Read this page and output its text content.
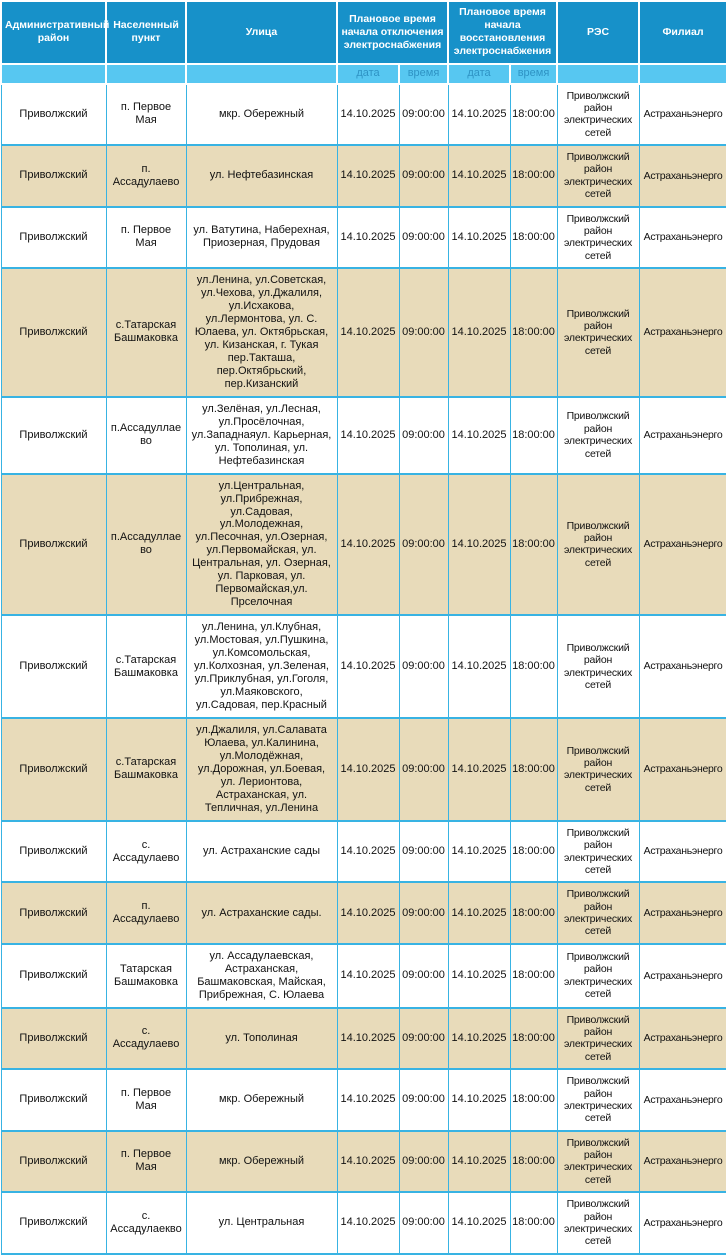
Административный район	Населенный пункт	Улица	Плановое время начала отключения электроснабжения		Плановое время начала восстановления электроснабжения		РЭС	Филиал
			дата	время	дата	время		
Приволжский	п. Первое Мая	мкр. Обережный	14.10.2025	09:00:00	14.10.2025	18:00:00	Приволжский район электрических сетей	Астраханьэнерго
Приволжский	п. Ассадулаево	ул. Нефтебазинская	14.10.2025	09:00:00	14.10.2025	18:00:00	Приволжский район электрических сетей	Астраханьэнерго
Приволжский	п. Первое Мая	ул. Ватутина, Наберехная, Приозерная, Прудовая	14.10.2025	09:00:00	14.10.2025	18:00:00	Приволжский район электрических сетей	Астраханьэнерго
Приволжский	с.Татарская Башмаковка	ул.Ленина, ул.Советская, ул.Чехова, ул.Джалиля, ул.Исхакова, ул.Лермонтова, ул. С. Юлаева, ул. Октябрьская, ул. Кизанская, г. Тукая пер.Такташа, пер.Октябрьский, пер.Кизанский	14.10.2025	09:00:00	14.10.2025	18:00:00	Приволжский район электрических сетей	Астраханьэнерго
Приволжский	п.Ассадуллаево	ул.Зелёная, ул.Лесная, ул.Просёлочная, ул.Западнаяул. Карьерная, ул. Тополиная, ул. Нефтебазинская	14.10.2025	09:00:00	14.10.2025	18:00:00	Приволжский район электрических сетей	Астраханьэнерго
Приволжский	п.Ассадуллаево	ул.Центральная, ул.Прибрежная, ул.Садовая, ул.Молодежная, ул.Песочная, ул.Озерная, ул.Первомайская, ул. Центральная, ул. Озерная, ул. Парковая, ул. Первомайская,ул. Прселочная	14.10.2025	09:00:00	14.10.2025	18:00:00	Приволжский район электрических сетей	Астраханьэнерго
Приволжский	с.Татарская Башмаковка	ул.Ленина, ул.Клубная, ул.Мостовая, ул.Пушкина, ул.Комсомольская, ул.Колхозная, ул.Зеленая, ул.Приклубная, ул.Гоголя, ул.Маяковского, ул.Садовая, пер.Красный	14.10.2025	09:00:00	14.10.2025	18:00:00	Приволжский район электрических сетей	Астраханьэнерго
Приволжский	с.Татарская Башмаковка	ул.Джалиля, ул.Салавата Юлаева, ул.Калинина, ул.Молодёжная, ул.Дорожная, ул.Боевая, ул. Лерионтова, Астраханская, ул. Тепличная, ул.Ленина	14.10.2025	09:00:00	14.10.2025	18:00:00	Приволжский район электрических сетей	Астраханьэнерго
Приволжский	с. Ассадулаево	ул. Астраханские сады	14.10.2025	09:00:00	14.10.2025	18:00:00	Приволжский район электрических сетей	Астраханьэнерго
Приволжский	п. Ассадулаево	ул. Астраханские сады.	14.10.2025	09:00:00	14.10.2025	18:00:00	Приволжский район электрических сетей	Астраханьэнерго
Приволжский	Татарская Башмаковка	ул. Ассадулаевская, Астраханская, Башмаковская, Майская, Прибрежная, С. Юлаева	14.10.2025	09:00:00	14.10.2025	18:00:00	Приволжский район электрических сетей	Астраханьэнерго
Приволжский	с. Ассадулаево	ул. Тополиная	14.10.2025	09:00:00	14.10.2025	18:00:00	Приволжский район электрических сетей	Астраханьэнерго
Приволжский	п. Первое Мая	мкр. Обережный	14.10.2025	09:00:00	14.10.2025	18:00:00	Приволжский район электрических сетей	Астраханьэнерго
Приволжский	п. Первое Мая	мкр. Обережный	14.10.2025	09:00:00	14.10.2025	18:00:00	Приволжский район электрических сетей	Астраханьэнерго
Приволжский	с. Ассадулаекво	ул. Центральная	14.10.2025	09:00:00	14.10.2025	18:00:00	Приволжский район электрических сетей	Астраханьэнерго
